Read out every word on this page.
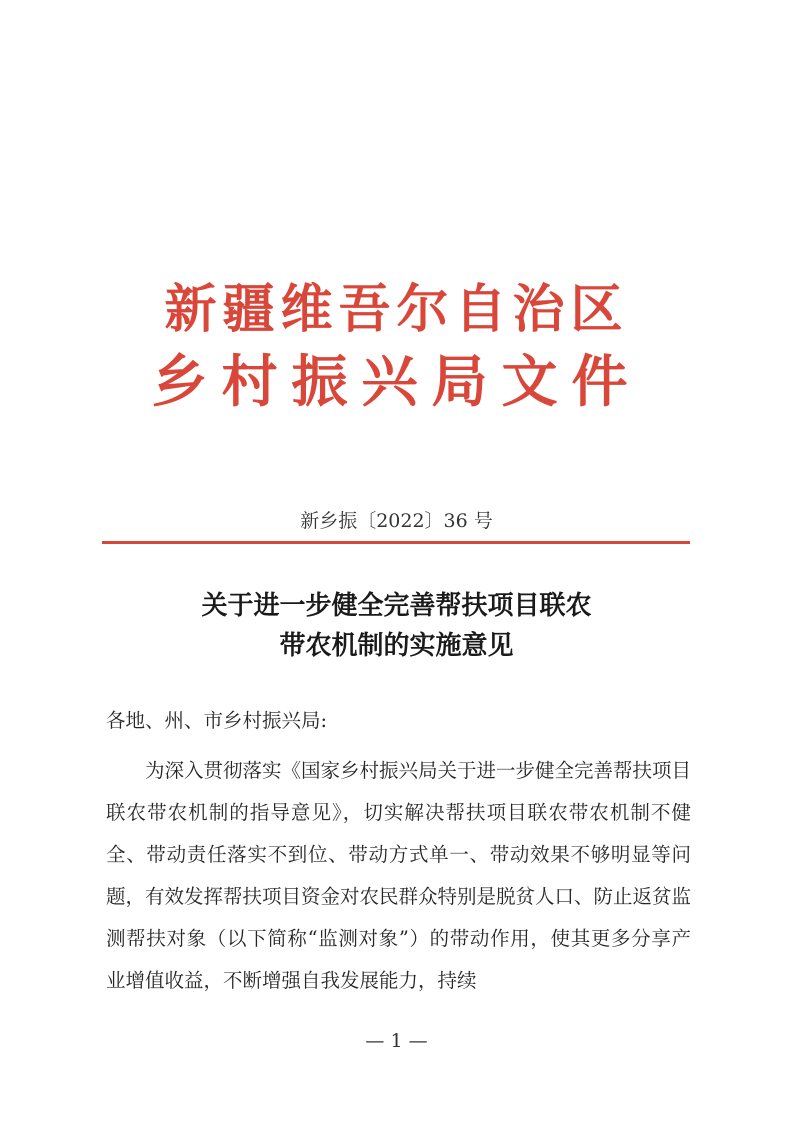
新疆维吾尔自治区
乡村振兴局文件
新乡振〔2022〕36 号
关于进一步健全完善帮扶项目联农
带农机制的实施意见
各地、州、市乡村振兴局:
为深入贯彻落实《国家乡村振兴局关于进一步健全完善帮扶项目联农带农机制的指导意见》，切实解决帮扶项目联农带农机制不健全、带动责任落实不到位、带动方式单一、带动效果不够明显等问题，有效发挥帮扶项目资金对农民群众特别是脱贫人口、防止返贫监测帮扶对象（以下简称“监测对象”）的带动作用，使其更多分享产业增值收益，不断增强自我发展能力，持续
— 1 —
